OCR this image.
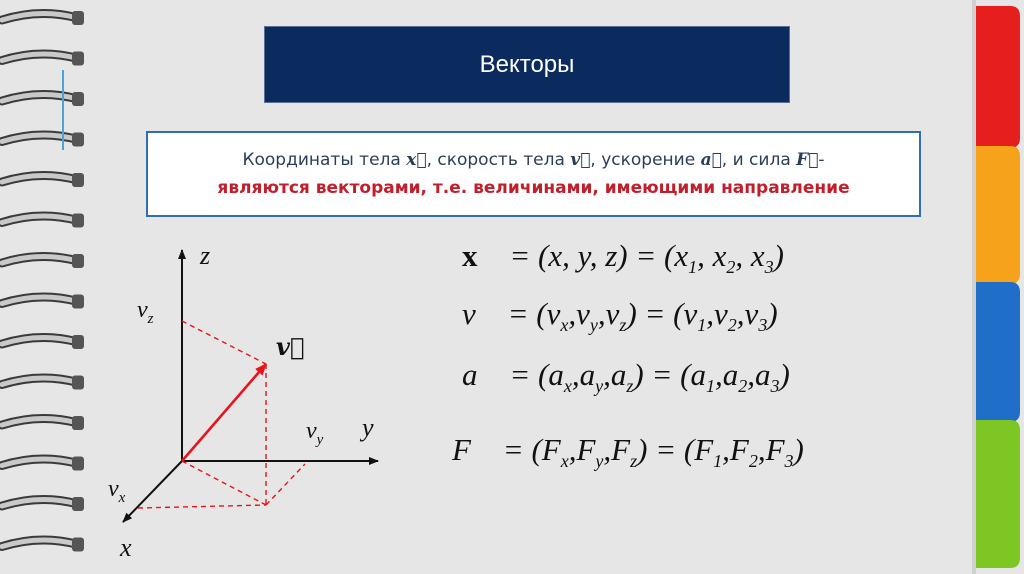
Векторы
Координаты тела x⃗, скорость тела v⃗, ускорение a⃗, и сила F⃗-
являются векторами, т.е. величинами, имеющими направление
z
y
x
$v_z$
$v_y$
$v_x$
v⃗
x⃗ = (x, y, $z) = (x_1$, $x_2$, $x_3$)
v⃗ = $(v_x,v_y,v_z) = (v_1,v_2,v_3)$
a⃗ = $(a_x,a_y,a_z) = (a_1,a_2,a_3)$
F⃗ = $(F_x,F_y,F_z) = (F_1,F_2,F_3)$
